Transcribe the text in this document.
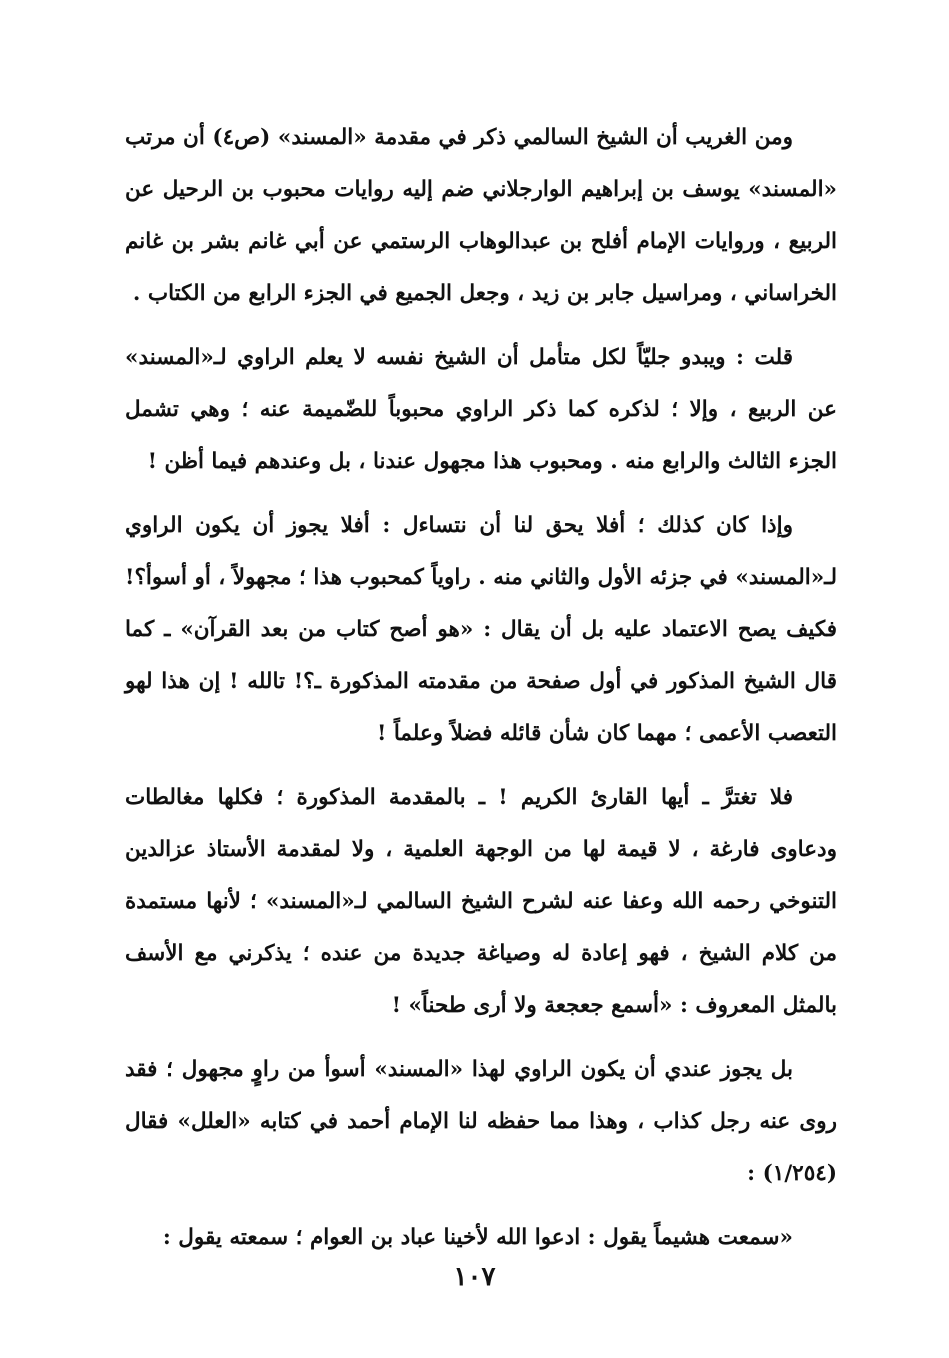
ومن الغريب أن الشيخ السالمي ذكر في مقدمة «المسند» (ص٤) أن مرتب «المسند» يوسف بن إبراهيم الوارجلاني ضم إليه روايات محبوب بن الرحيل عن الربيع ، وروايات الإمام أفلح بن عبدالوهاب الرستمي عن أبي غانم بشر بن غانم الخراساني ، ومراسيل جابر بن زيد ، وجعل الجميع في الجزء الرابع من الكتاب .

قلت : ويبدو جليّاً لكل متأمل أن الشيخ نفسه لا يعلم الراوي لـ«المسند» عن الربيع ، وإلا ؛ لذكره كما ذكر الراوي محبوباً للضّميمة عنه ؛ وهي تشمل الجزء الثالث والرابع منه . ومحبوب هذا مجهول عندنا ، بل وعندهم فيما أظن !

وإذا كان كذلك ؛ أفلا يحق لنا أن نتساءل : أفلا يجوز أن يكون الراوي لـ«المسند» في جزئه الأول والثاني منه . راوياً كمحبوب هذا ؛ مجهولاً ، أو أسوأ؟! فكيف يصح الاعتماد عليه بل أن يقال : «هو أصح كتاب من بعد القرآن» ـ كما قال الشيخ المذكور في أول صفحة من مقدمته المذكورة ـ؟! تالله ! إن هذا لهو التعصب الأعمى ؛ مهما كان شأن قائله فضلاً وعلماً !

فلا تغترَّ ـ أيها القارئ الكريم ! ـ بالمقدمة المذكورة ؛ فكلها مغالطات ودعاوى فارغة ، لا قيمة لها من الوجهة العلمية ، ولا لمقدمة الأستاذ عزالدين التنوخي رحمه الله وعفا عنه لشرح الشيخ السالمي لـ«المسند» ؛ لأنها مستمدة من كلام الشيخ ، فهو إعادة له وصياغة جديدة من عنده ؛ يذكرني مع الأسف بالمثل المعروف : «أسمع جعجعة ولا أرى طحناً» !

بل يجوز عندي أن يكون الراوي لهذا «المسند» أسوأ من راوٍ مجهول ؛ فقد روى عنه رجل كذاب ، وهذا مما حفظه لنا الإمام أحمد في كتابه «العلل» فقال (١/٢٥٤) :

«سمعت هشيماً يقول : ادعوا الله لأخينا عباد بن العوام ؛ سمعته يقول :

١٠٧
